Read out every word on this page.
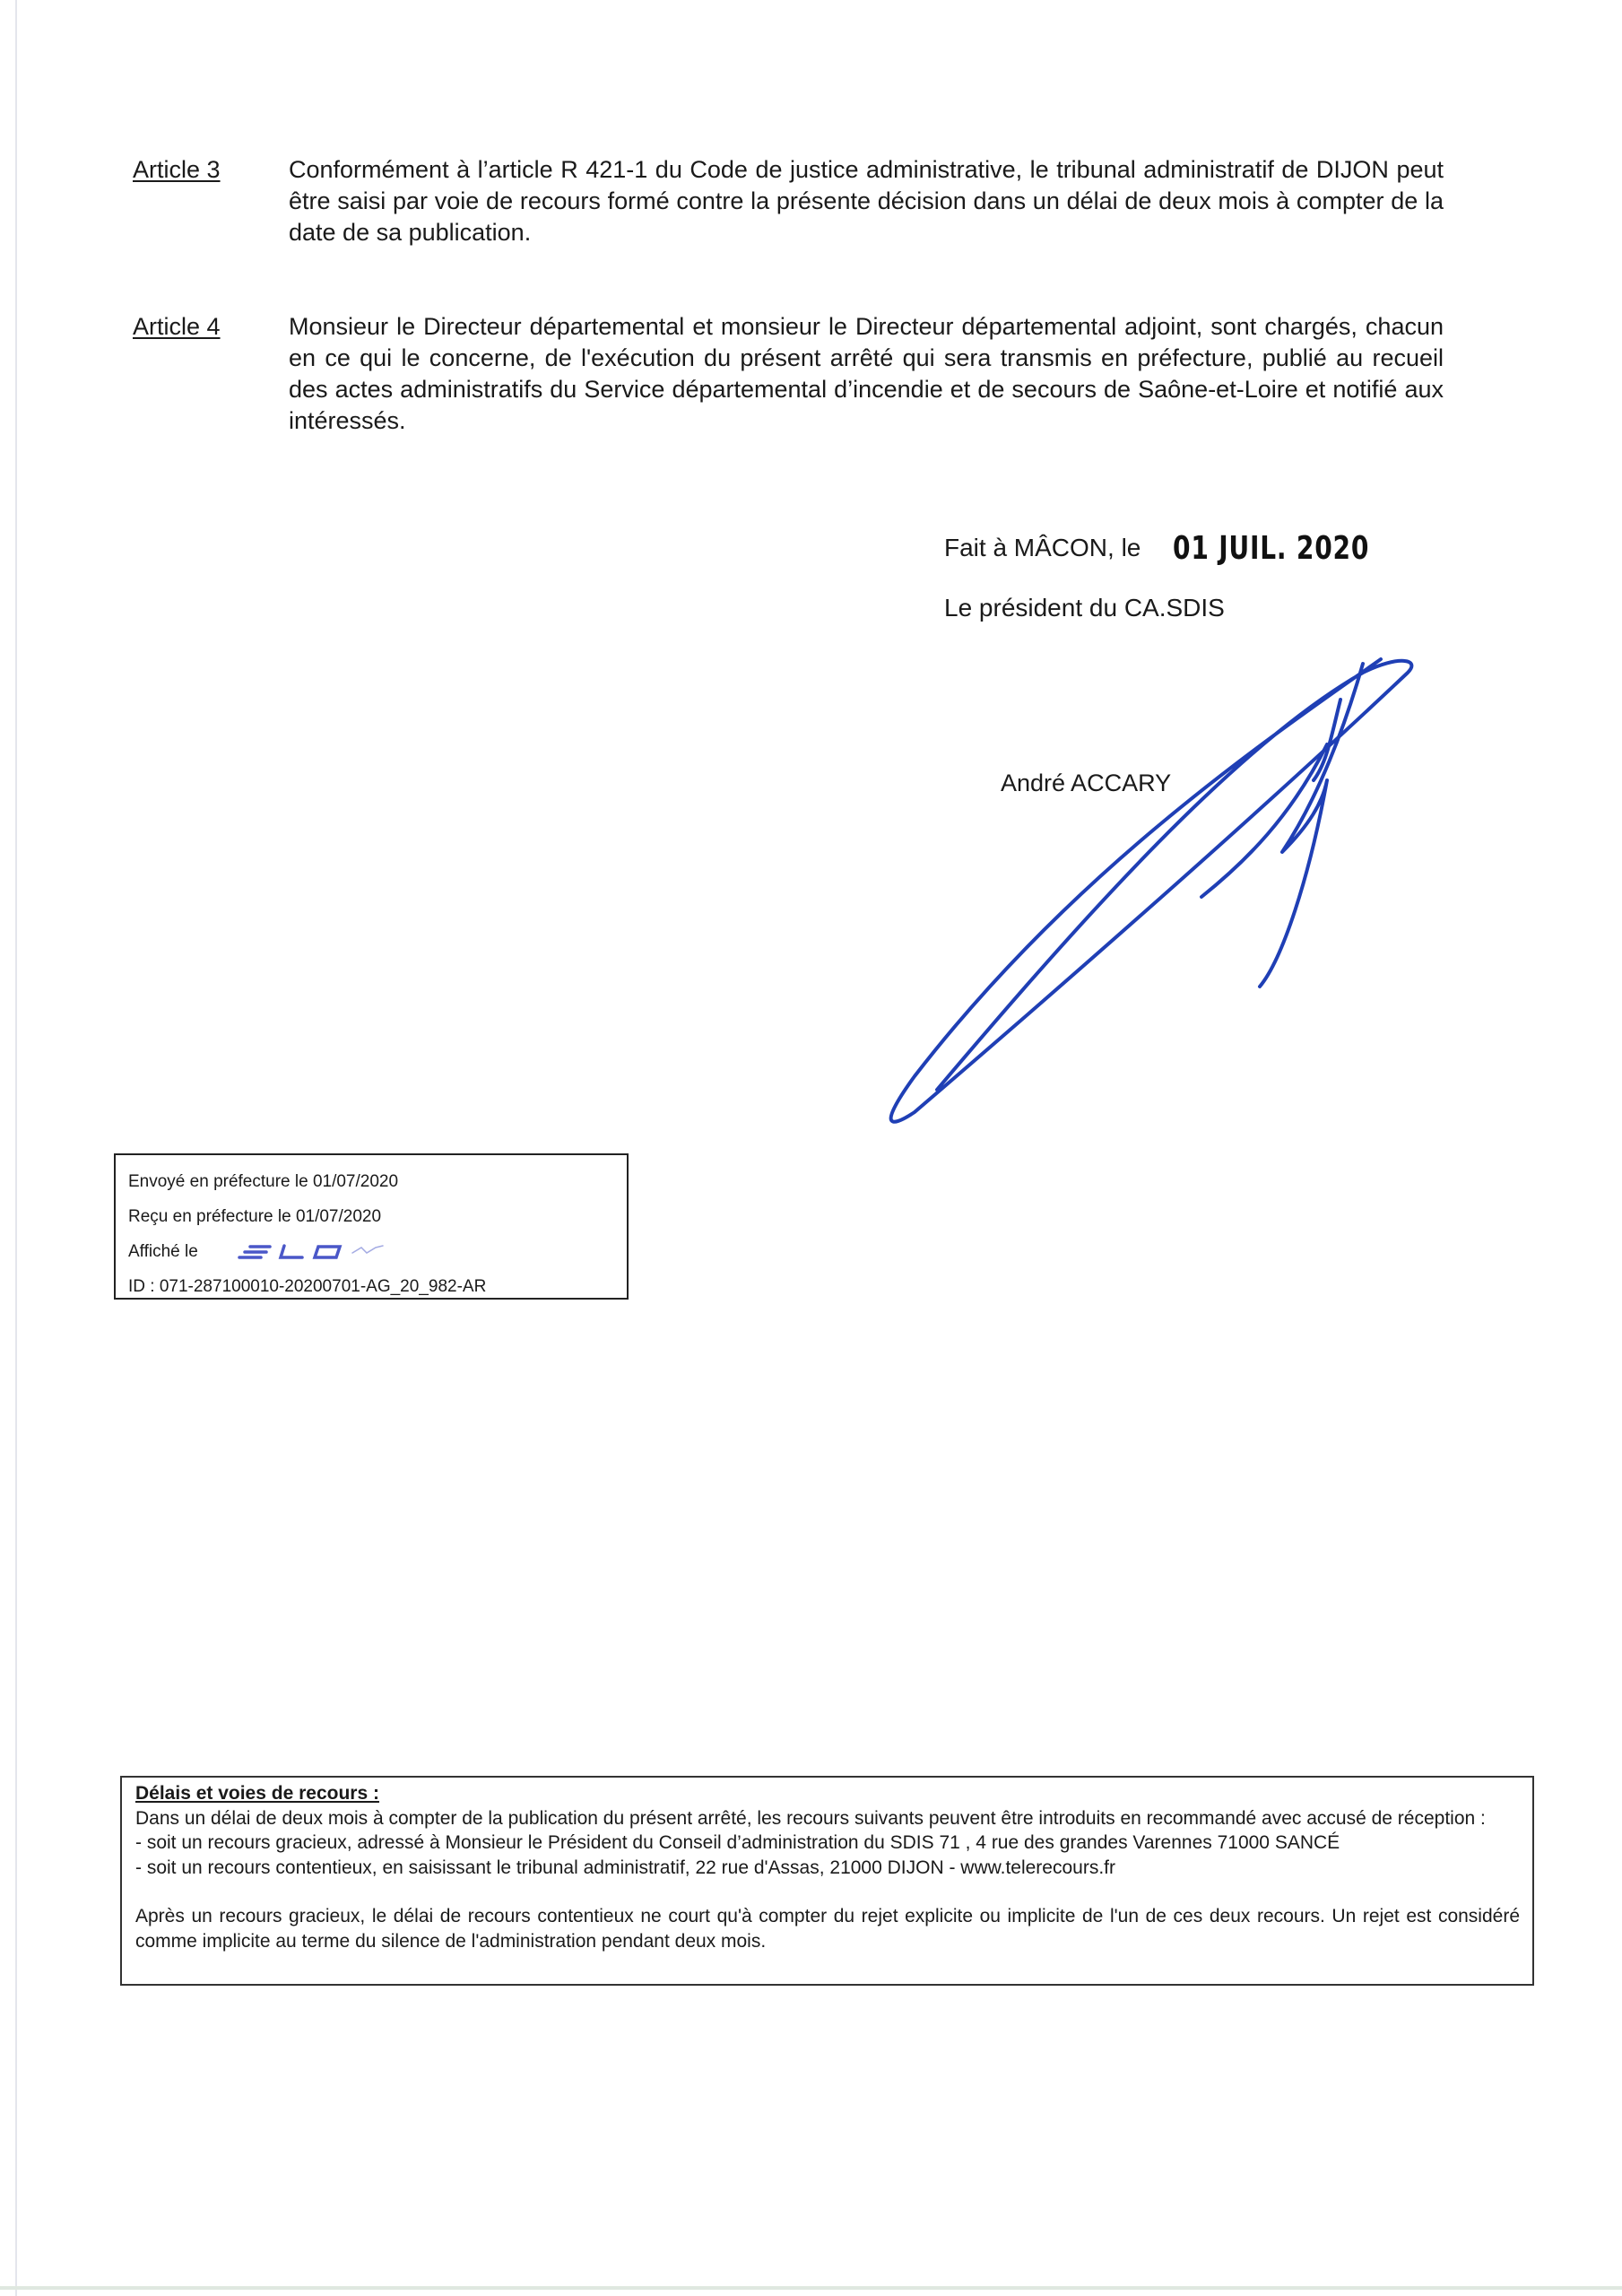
Article 3	Conformément à l’article R 421-1 du Code de justice administrative, le tribunal administratif de DIJON peut être saisi par voie de recours formé contre la présente décision dans un délai de deux mois à compter de la date de sa publication.
Article 4	Monsieur le Directeur départemental et monsieur le Directeur départemental adjoint, sont chargés, chacun en ce qui le concerne, de l'exécution du présent arrêté qui sera transmis en préfecture, publié au recueil des actes administratifs du Service départemental d’incendie et de secours de Saône-et-Loire et notifié aux intéressés.
Fait à MÂCON, le 01 JUIL. 2020
Le président du CA.SDIS
André ACCARY
Envoyé en préfecture le 01/07/2020
Reçu en préfecture le 01/07/2020
Affiché le
ID : 071-287100010-20200701-AG_20_982-AR

Délais et voies de recours :

Dans un délai de deux mois à compter de la publication du présent arrêté, les recours suivants peuvent être introduits en recommandé avec accusé de réception :

- soit un recours gracieux, adressé à Monsieur le Président du Conseil d’administration du SDIS 71 , 4 rue des grandes Varennes 71000 SANCÉ

- soit un recours contentieux, en saisissant le tribunal administratif, 22 rue d'Assas, 21000 DIJON - www.telerecours.fr

Après un recours gracieux, le délai de recours contentieux ne court qu'à compter du rejet explicite ou implicite de l'un de ces deux recours. Un rejet est considéré comme implicite au terme du silence de l'administration pendant deux mois.
